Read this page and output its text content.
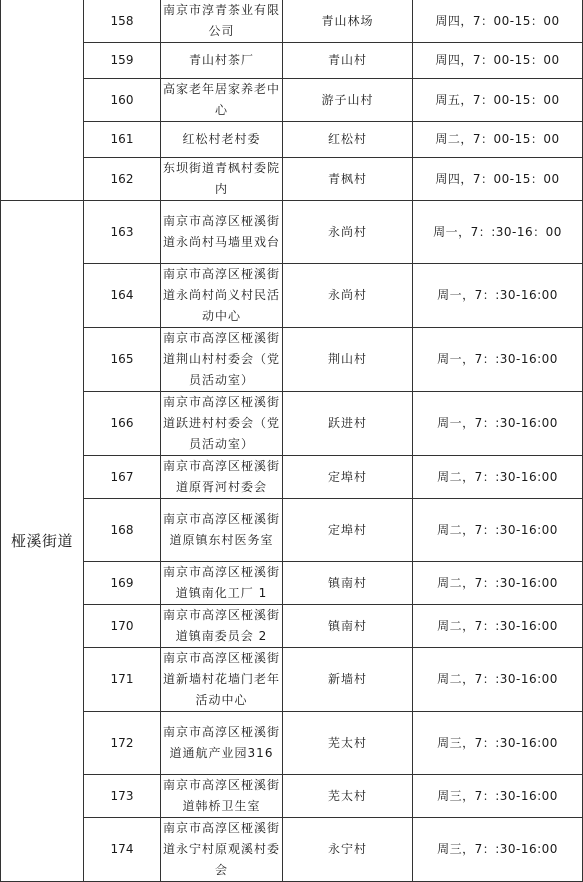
	158	南京市淳青茶业有限公司	青山林场	周四，7：00-15：00
	159	青山村茶厂	青山村	周四，7：00-15：00
	160	高家老年居家养老中心	游子山村	周五，7：00-15：00
	161	红松村老村委	红松村	周二，7：00-15：00
	162	东坝街道青枫村委院内	青枫村	周四，7：00-15：00
桠溪街道	163	南京市高淳区桠溪街道永尚村马墙里戏台	永尚村	周一，7：:30-16：00
	164	南京市高淳区桠溪街道永尚村尚义村民活动中心	永尚村	周一，7：:30-16:00
	165	南京市高淳区桠溪街道荆山村村委会（党员活动室）	荆山村	周一，7：:30-16:00
	166	南京市高淳区桠溪街道跃进村村委会（党员活动室）	跃进村	周一，7：:30-16:00
	167	南京市高淳区桠溪街道原胥河村委会	定埠村	周二，7：:30-16:00
	168	南京市高淳区桠溪街道原镇东村医务室	定埠村	周二，7：:30-16:00
	169	南京市高淳区桠溪街道镇南化工厂 1	镇南村	周二，7：:30-16:00
	170	南京市高淳区桠溪街道镇南委员会 2	镇南村	周二，7：:30-16:00
	171	南京市高淳区桠溪街道新墙村花墙门老年活动中心	新墙村	周二，7：:30-16:00
	172	南京市高淳区桠溪街道通航产业园316	芜太村	周三，7：:30-16:00
	173	南京市高淳区桠溪街道韩桥卫生室	芜太村	周三，7：:30-16:00
	174	南京市高淳区桠溪街道永宁村原观溪村委会	永宁村	周三，7：:30-16:00
